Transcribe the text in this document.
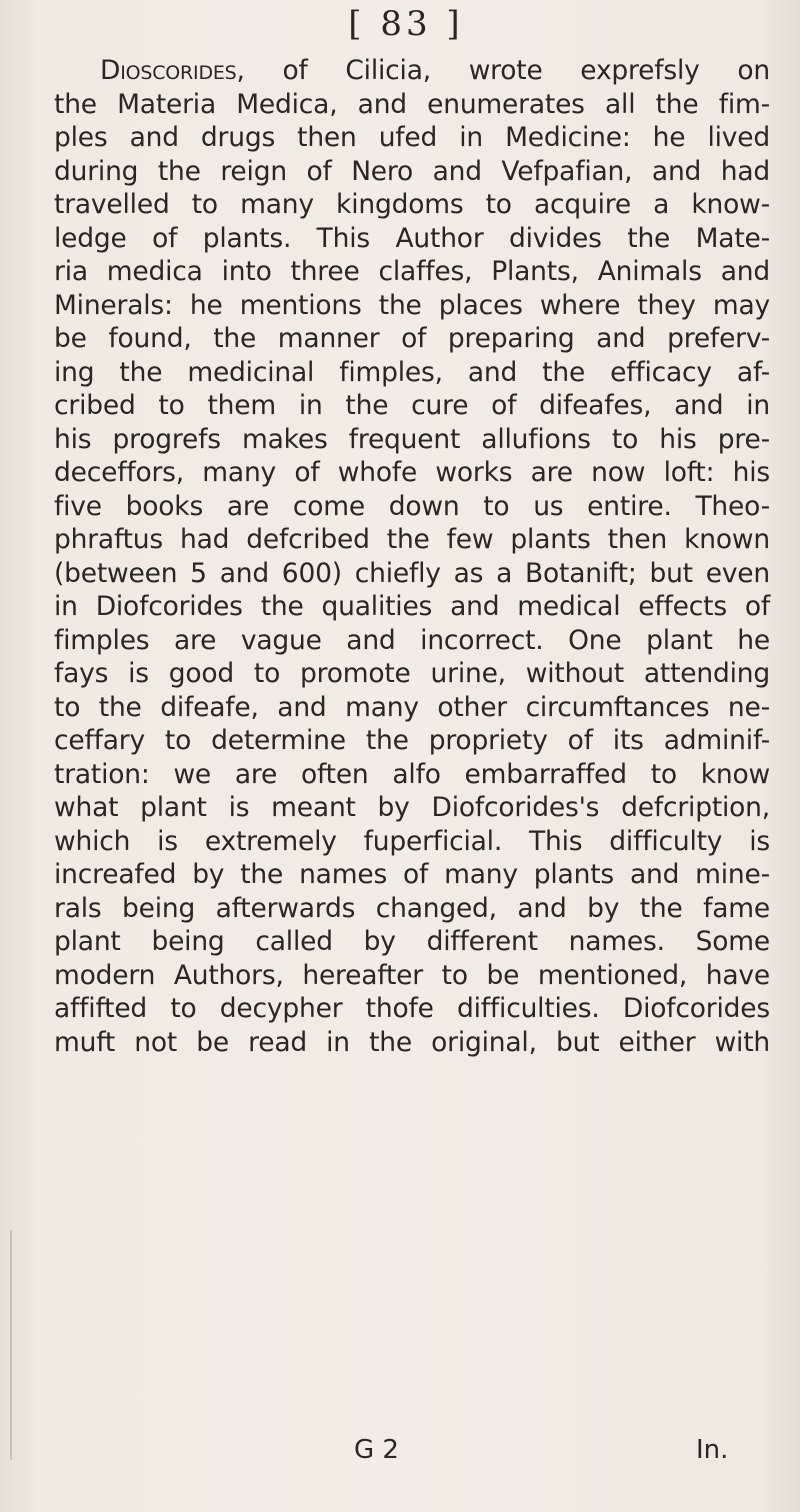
[ 83 ]
Dioscorides, of Cilicia, wrote exprefsly on
the Materia Medica, and enumerates all the fim-
ples and drugs then ufed in Medicine: he lived
during the reign of Nero and Vefpafian, and had
travelled to many kingdoms to acquire a know-
ledge of plants. This Author divides the Mate-
ria medica into three claffes, Plants, Animals and
Minerals: he mentions the places where they may
be found, the manner of preparing and preferv-
ing the medicinal fimples, and the efficacy af-
cribed to them in the cure of difeafes, and in
his progrefs makes frequent allufions to his pre-
deceffors, many of whofe works are now loft: his
five books are come down to us entire. Theo-
phraftus had defcribed the few plants then known
(between 5 and 600) chiefly as a Botanift; but even
in Diofcorides the qualities and medical effects of
fimples are vague and incorrect. One plant he
fays is good to promote urine, without attending
to the difeafe, and many other circumftances ne-
ceffary to determine the propriety of its adminif-
tration: we are often alfo embarraffed to know
what plant is meant by Diofcorides's defcription,
which is extremely fuperficial. This difficulty is
increafed by the names of many plants and mine-
rals being afterwards changed, and by the fame
plant being called by different names. Some
modern Authors, hereafter to be mentioned, have
affifted to decypher thofe difficulties. Diofcorides
muft not be read in the original, but either with
G 2	In.
